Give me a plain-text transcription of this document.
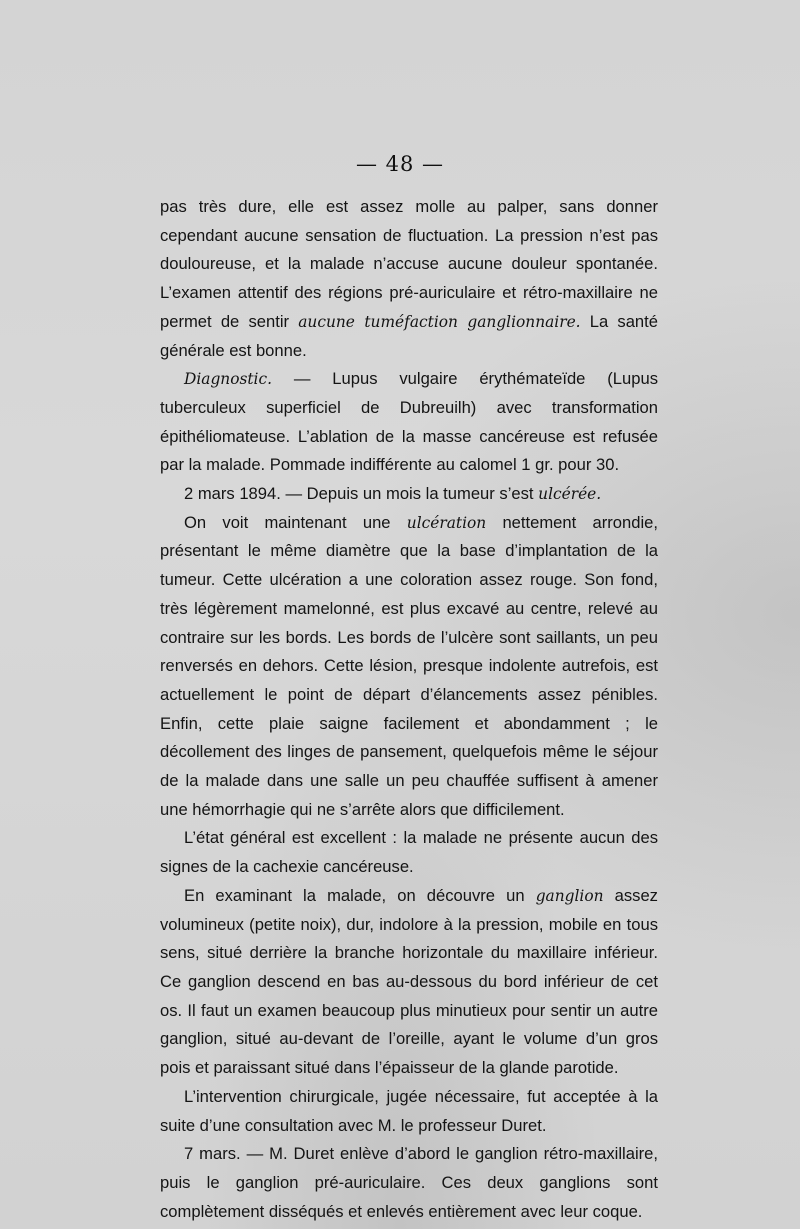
— 48 —

pas très dure, elle est assez molle au palper, sans donner cependant aucune sensation de fluctuation. La pression n’est pas douloureuse, et la malade n’accuse aucune douleur spontanée. L’examen attentif des régions pré-auriculaire et rétro-maxillaire ne permet de sentir aucune tuméfaction ganglionnaire. La santé générale est bonne.

Diagnostic. — Lupus vulgaire érythémateïde (Lupus tuberculeux superficiel de Dubreuilh) avec transformation épithéliomateuse. L’ablation de la masse cancéreuse est refusée par la malade. Pommade indifférente au calomel 1 gr. pour 30.

2 mars 1894. — Depuis un mois la tumeur s’est ulcérée.

On voit maintenant une ulcération nettement arrondie, présentant le même diamètre que la base d’implantation de la tumeur. Cette ulcération a une coloration assez rouge. Son fond, très légèrement mamelonné, est plus excavé au centre, relevé au contraire sur les bords. Les bords de l’ulcère sont saillants, un peu renversés en dehors. Cette lésion, presque indolente autrefois, est actuellement le point de départ d’élancements assez pénibles. Enfin, cette plaie saigne facilement et abondamment ; le décollement des linges de pansement, quelquefois même le séjour de la malade dans une salle un peu chauffée suffisent à amener une hémorrhagie qui ne s’arrête alors que difficilement.

L’état général est excellent : la malade ne présente aucun des signes de la cachexie cancéreuse.

En examinant la malade, on découvre un ganglion assez volumineux (petite noix), dur, indolore à la pression, mobile en tous sens, situé derrière la branche horizontale du maxillaire inférieur. Ce ganglion descend en bas au-dessous du bord inférieur de cet os. Il faut un examen beaucoup plus minutieux pour sentir un autre ganglion, situé au-devant de l’oreille, ayant le volume d’un gros pois et paraissant situé dans l’épaisseur de la glande parotide.

L’intervention chirurgicale, jugée nécessaire, fut acceptée à la suite d’une consultation avec M. le professeur Duret.

7 mars. — M. Duret enlève d’abord le ganglion rétro-maxillaire, puis le ganglion pré-auriculaire. Ces deux ganglions sont complètement disséqués et enlevés entièrement avec leur coque.
